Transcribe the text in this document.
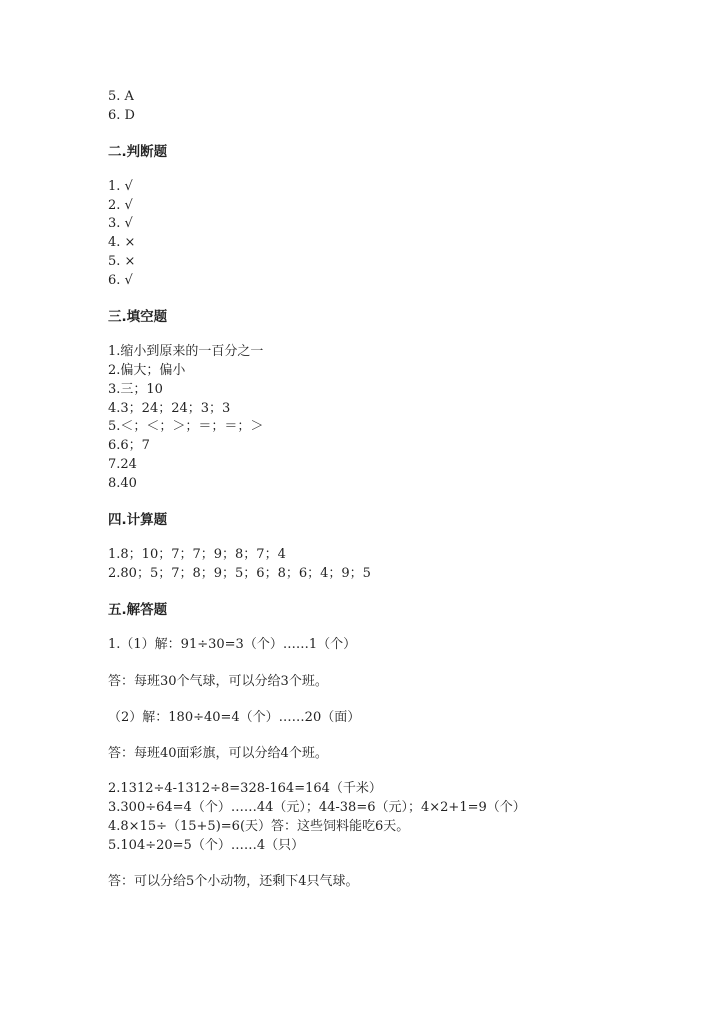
5. A
6. D
二.判断题
1. √
2. √
3. √
4. ×
5. ×
6. √
三.填空题
1.缩小到原来的一百分之一
2.偏大；偏小
3.三；10
4.3；24；24；3；3
5.＜；＜；＞；＝；＝；＞
6.6；7
7.24
8.40
四.计算题
1.8；10；7；7；9；8；7；4
2.80；5；7；8；9；5；6；8；6；4；9；5
五.解答题
1.（1）解：91÷30=3（个）……1（个）
答：每班30个气球，可以分给3个班。
（2）解：180÷40=4（个）……20（面）
答：每班40面彩旗，可以分给4个班。
2.1312÷4-1312÷8=328-164=164（千米）
3.300÷64=4（个）……44（元）；44-38=6（元）；4×2+1=9（个）
4.8×15÷（15+5)=6(天）答：这些饲料能吃6天。
5.104÷20=5（个）……4（只）
答：可以分给5个小动物，还剩下4只气球。
